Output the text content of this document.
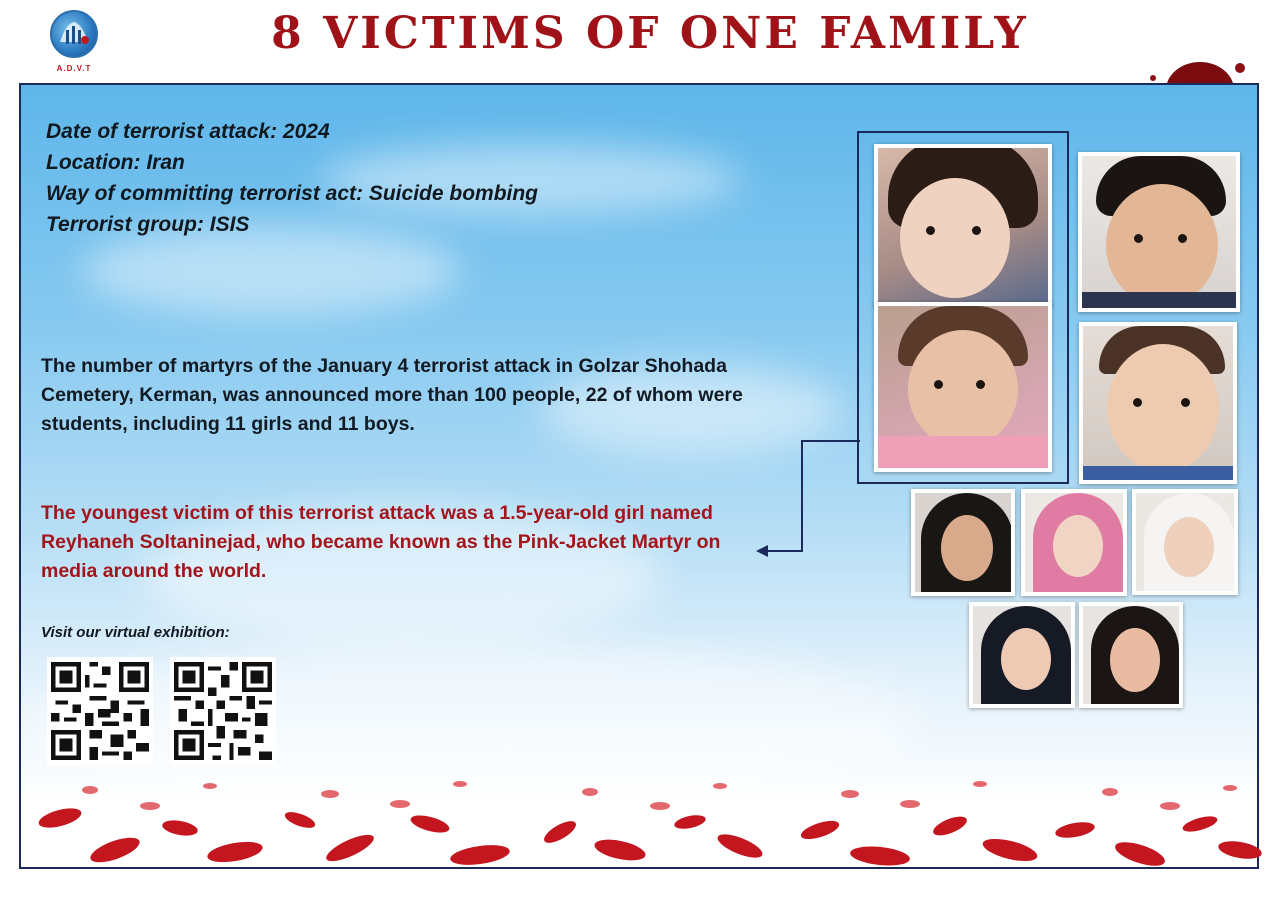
A.D.V.T
8 VICTIMS OF ONE FAMILY
Date of terrorist attack: 2024
Location: Iran
Way of committing terrorist act: Suicide bombing
Terrorist group: ISIS

The number of martyrs of the January 4 terrorist attack in Golzar Shohada Cemetery, Kerman, was announced more than 100 people, 22 of whom were students, including 11 girls and 11 boys.

The youngest victim of this terrorist attack was a 1.5-year-old girl named Reyhaneh Soltaninejad, who became known as the Pink-Jacket Martyr on media around the world.

Visit our virtual exhibition:
